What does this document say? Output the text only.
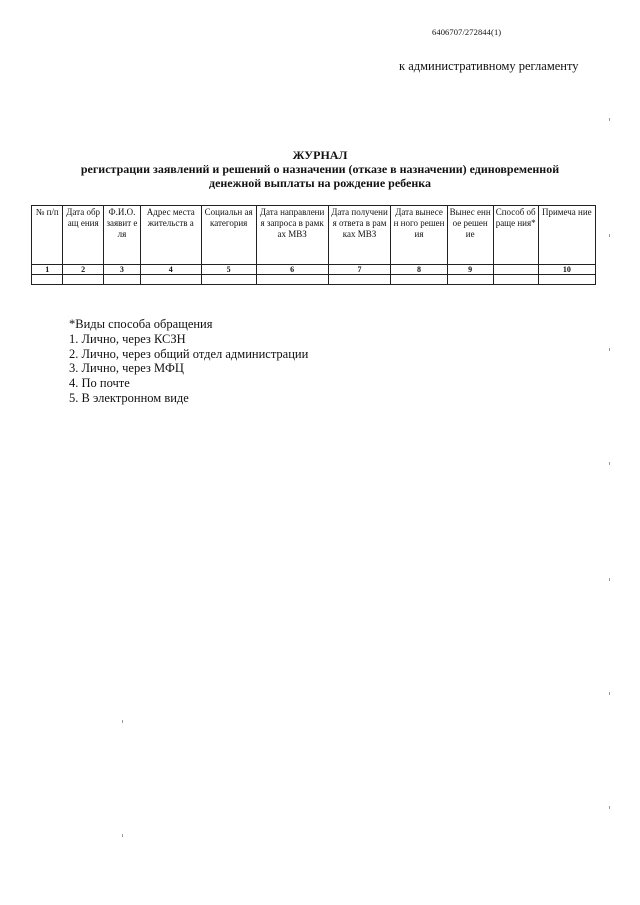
6406707/272844(1)
к административному регламенту
ЖУРНАЛ
регистрации заявлений и решений о назначении (отказе в назначении) единовременной
денежной выплаты на рождение ребенка
№ п/п	Дата обращ ения	Ф.И.О. заявит еля	Адрес места жительств а	Социальн ая категория	Дата направлени я запроса в рамках МВЗ	Дата получения ответа в рамках МВЗ	Дата вынесен ного решения	Вынес енное решен ие	Способ обраще ния*	Примеча ние
1	2	3	4	5	6	7	8	9		10

*Виды способа обращения
1. Лично, через КСЗН
2. Лично, через общий отдел администрации
3. Лично, через МФЦ
4. По почте
5. В электронном виде
